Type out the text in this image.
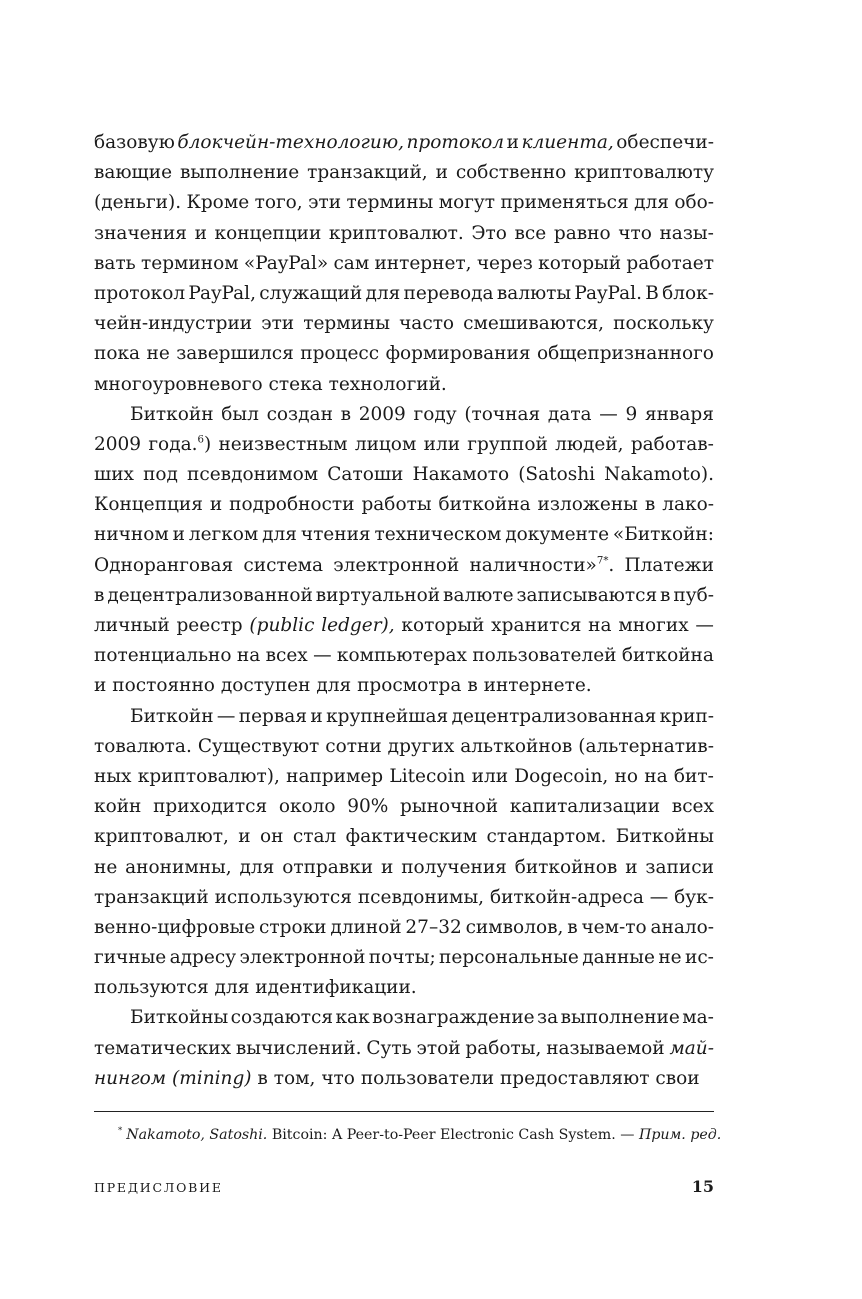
базовую блокчейн-технологию, протокол и клиента, обеспечи-
вающие выполнение транзакций, и собственно криптовалюту
(деньги). Кроме того, эти термины могут применяться для обо-
значения и концепции криптовалют. Это все равно что назы-
вать термином «PayPal» сам интернет, через который работает
протокол PayPal, служащий для перевода валюты PayPal. В блок-
чейн-индустрии эти термины часто смешиваются, поскольку
пока не завершился процесс формирования общепризнанного
многоуровневого стека технологий.
Биткойн был создан в 2009 году (точная дата — 9 января
2009 года.$^6$) неизвестным лицом или группой людей, работав-
ших под псевдонимом Сатоши Накамото (Satoshi Nakamoto).
Концепция и подробности работы биткойна изложены в лако-
ничном и легком для чтения техническом документе «Биткойн:
Одноранговая система электронной наличности»$^{7*}$. Платежи
в децентрализованной виртуальной валюте записываются в пуб-
личный реестр (public ledger), который хранится на многих —
потенциально на всех — компьютерах пользователей биткойна
и постоянно доступен для просмотра в интернете.
Биткойн — первая и крупнейшая децентрализованная крип-
товалюта. Существуют сотни других альткойнов (альтернатив-
ных криптовалют), например Litecoin или Dogecoin, но на бит-
койн приходится около 90% рыночной капитализации всех
криптовалют, и он стал фактическим стандартом. Биткойны
не анонимны, для отправки и получения биткойнов и записи
транзакций используются псевдонимы, биткойн-адреса — бук-
венно-цифровые строки длиной 27–32 символов, в чем-то анало-
гичные адресу электронной почты; персональные данные не ис-
пользуются для идентификации.
Биткойны создаются как вознаграждение за выполнение ма-
тематических вычислений. Суть этой работы, называемой май-
нингом (mining) в том, что пользователи предоставляют свои
* Nakamoto, Satoshi. Bitcoin: A Peer-to-Peer Electronic Cash System. — Прим. ред.
ПРЕДИСЛОВИЕ	15
